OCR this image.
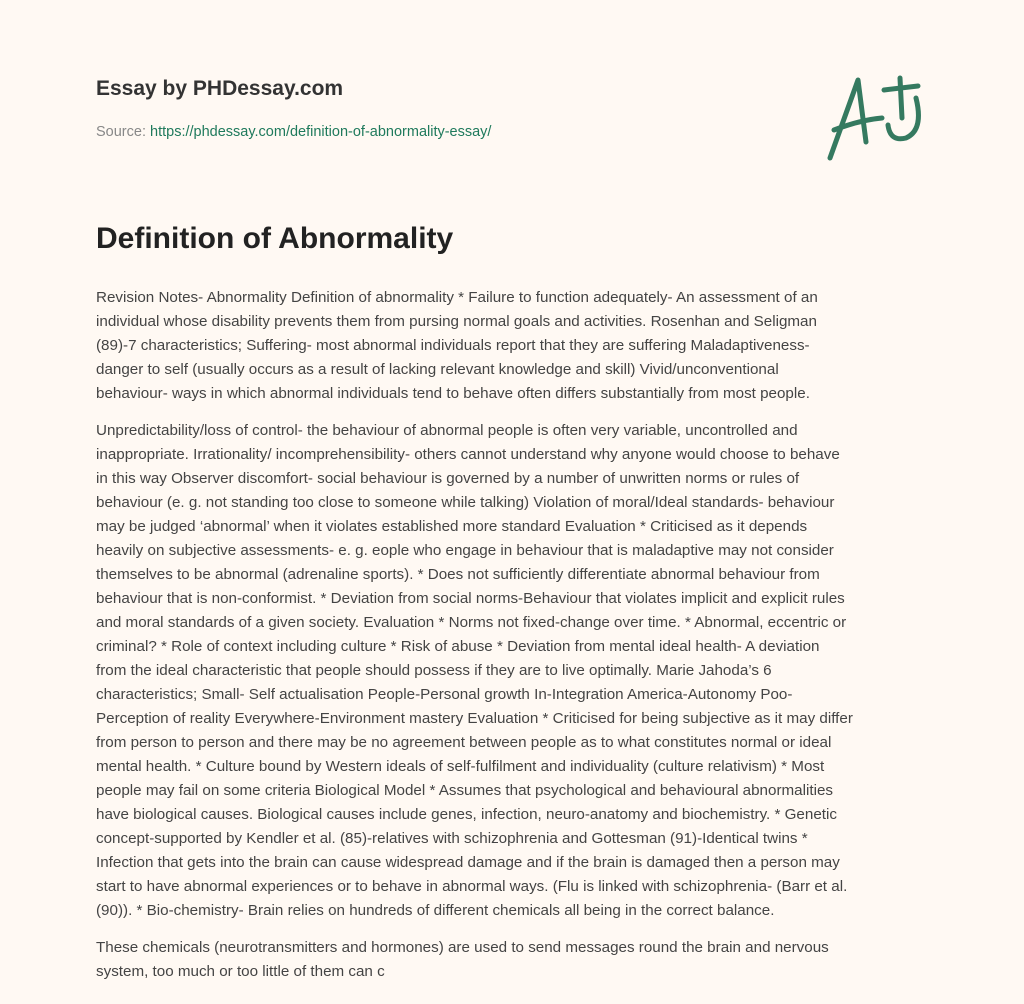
Essay by PHDessay.com
Source: https://phdessay.com/definition-of-abnormality-essay/
Definition of Abnormality

Revision Notes- Abnormality Definition of abnormality * Failure to function adequately- An assessment of an
individual whose disability prevents them from pursing normal goals and activities. Rosenhan and Seligman
(89)-7 characteristics; Suffering- most abnormal individuals report that they are suffering Maladaptiveness-
danger to self (usually occurs as a result of lacking relevant knowledge and skill) Vivid/unconventional
behaviour- ways in which abnormal individuals tend to behave often differs substantially from most people.

Unpredictability/loss of control- the behaviour of abnormal people is often very variable, uncontrolled and
inappropriate. Irrationality/ incomprehensibility- others cannot understand why anyone would choose to behave
in this way Observer discomfort- social behaviour is governed by a number of unwritten norms or rules of
behaviour (e. g. not standing too close to someone while talking) Violation of moral/Ideal standards- behaviour
may be judged ‘abnormal’ when it violates established more standard Evaluation * Criticised as it depends
heavily on subjective assessments- e. g. eople who engage in behaviour that is maladaptive may not consider
themselves to be abnormal (adrenaline sports). * Does not sufficiently differentiate abnormal behaviour from
behaviour that is non-conformist. * Deviation from social norms-Behaviour that violates implicit and explicit rules
and moral standards of a given society. Evaluation * Norms not fixed-change over time. * Abnormal, eccentric or
criminal? * Role of context including culture * Risk of abuse * Deviation from mental ideal health- A deviation
from the ideal characteristic that people should possess if they are to live optimally. Marie Jahoda’s 6
characteristics; Small- Self actualisation People-Personal growth In-Integration America-Autonomy Poo-
Perception of reality Everywhere-Environment mastery Evaluation * Criticised for being subjective as it may differ
from person to person and there may be no agreement between people as to what constitutes normal or ideal
mental health. * Culture bound by Western ideals of self-fulfilment and individuality (culture relativism) * Most
people may fail on some criteria Biological Model * Assumes that psychological and behavioural abnormalities
have biological causes. Biological causes include genes, infection, neuro-anatomy and biochemistry. * Genetic
concept-supported by Kendler et al. (85)-relatives with schizophrenia and Gottesman (91)-Identical twins *
Infection that gets into the brain can cause widespread damage and if the brain is damaged then a person may
start to have abnormal experiences or to behave in abnormal ways. (Flu is linked with schizophrenia- (Barr et al.
(90)). * Bio-chemistry- Brain relies on hundreds of different chemicals all being in the correct balance.

These chemicals (neurotransmitters and hormones) are used to send messages round the brain and nervous
system, too much or too little of them can c
